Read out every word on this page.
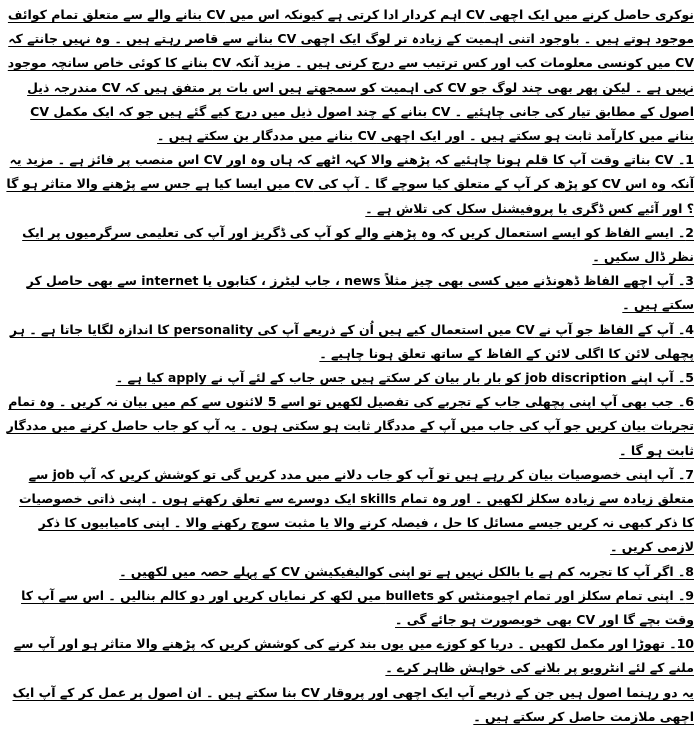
نوکری حاصل کرنے میں ایک اچھی CV اہم کردار ادا کرتی ہے کیونکہ اس میں CV بنانے والے سے متعلق تمام کوائف موجود ہوتے ہیں ۔ باوجود اتنی اہمیت کے زیادہ تر لوگ ایک اچھی CV بنانے سے قاصر رہتے ہیں ۔ وہ نہیں جانتے کہ CV میں کونسی معلومات کب اور کس ترتیب سے درج کرنی ہیں ۔ مزید آنکہ CV بنانے کا کوئی خاص سانچہ موجود نہیں ہے ۔ لیکن پھر بھی چند لوگ جو CV کی اہمیت کو سمجھتے ہیں اس بات پر متفق ہیں کہ CV مندرجہ ذیل اصول کے مطابق تیار کی جانی چاہئیے ۔ CV بنانے کے چند اصول ذیل میں درج کیے گئے ہیں جو کہ ایک مکمل CV بنانے میں کارآمد ثابت ہو سکتے ہیں ۔ اور ایک اچھی CV بنانے میں مددگار بن سکتے ہیں ۔

1۔ CV بناتے وقت آپ کا قلم ہونا چاہئیے کہ پڑھنے والا کہہ اٹھے کہ ہاں وہ اور CV اس منصب پر فائز ہے ۔ مزید یہ آنکہ وہ اس CV کو پڑھ کر آپ کے متعلق کیا سوچے گا ۔ آپ کی CV میں ایسا کیا ہے جس سے پڑھنے والا متاثر ہو گا ؟ اور آئیے کس ڈگری یا پروفیشنل سکل کی تلاش ہے ۔

2۔ ایسے الفاظ کو ایسے استعمال کریں کہ وہ پڑھنے والے کو آپ کی ڈگریز اور آپ کی تعلیمی سرگرمیوں پر ایک نظر ڈال سکیں ۔

3۔ آپ اچھے الفاظ ڈھونڈنے میں کسی بھی چیز مثلاً news ، جاب لیٹرز ، کتابوں یا internet سے بھی حاصل کر سکتے ہیں ۔

4۔ آپ کے الفاظ جو آپ نے CV میں استعمال کیے ہیں اُن کے ذریعے آپ کی personality کا اندازہ لگایا جاتا ہے ۔ ہر پچھلی لائن کا اگلی لائن کے الفاظ کے ساتھ تعلق ہونا چاہیے ۔

5۔ آپ اپنے job discription کو بار بار بیان کر سکتے ہیں جس جاب کے لئے آپ نے apply کیا ہے ۔

6۔ جب بھی آپ اپنی پچھلی جاب کے تجربے کی تفصیل لکھیں تو اسے 5 لائنوں سے کم میں بیان نہ کریں ۔ وہ تمام تجربات بیان کریں جو آپ کی جاب میں آپ کے مددگار ثابت ہو سکتی ہوں ۔ یہ آپ کو جاب حاصل کرنے میں مددگار ثابت ہو گا ۔

7۔ آپ اپنی خصوصیات بیان کر رہے ہیں تو آپ کو جاب دلانے میں مدد کریں گی تو کوشش کریں کہ آپ job سے متعلق زیادہ سے زیادہ سکلز لکھیں ۔ اور وہ تمام skills ایک دوسرے سے تعلق رکھتے ہوں ۔ اپنی ذاتی خصوصیات کا ذکر کبھی نہ کریں جیسے مسائل کا حل ، فیصلہ کرنے والا یا مثبت سوچ رکھنے والا ۔ اپنی کامیابیوں کا ذکر لازمی کریں ۔

8۔ اگر آپ کا تجربہ کم ہے یا بالکل نہیں ہے تو اپنی کوالیفیکیشن CV کے پہلے حصہ میں لکھیں ۔

9۔ اپنی تمام سکلز اور تمام اچیومنٹس کو bullets میں لکھ کر نمایاں کریں اور دو کالم بنالیں ۔ اس سے آپ کا وقت بچے گا اور CV بھی خوبصورت ہو جائے گی ۔

10۔ تھوڑا اور مکمل لکھیں ۔ دریا کو کوزے میں یوں بند کرنے کی کوشش کریں کہ پڑھنے والا متاثر ہو اور آپ سے ملنے کے لئے انٹرویو پر بلانے کی خواہش ظاہر کرے ۔

یہ دو رہنما اصول ہیں جن کے ذریعے آپ ایک اچھی اور پروقار CV بنا سکتے ہیں ۔ ان اصول پر عمل کر کے آپ ایک اچھی ملازمت حاصل کر سکتے ہیں ۔
